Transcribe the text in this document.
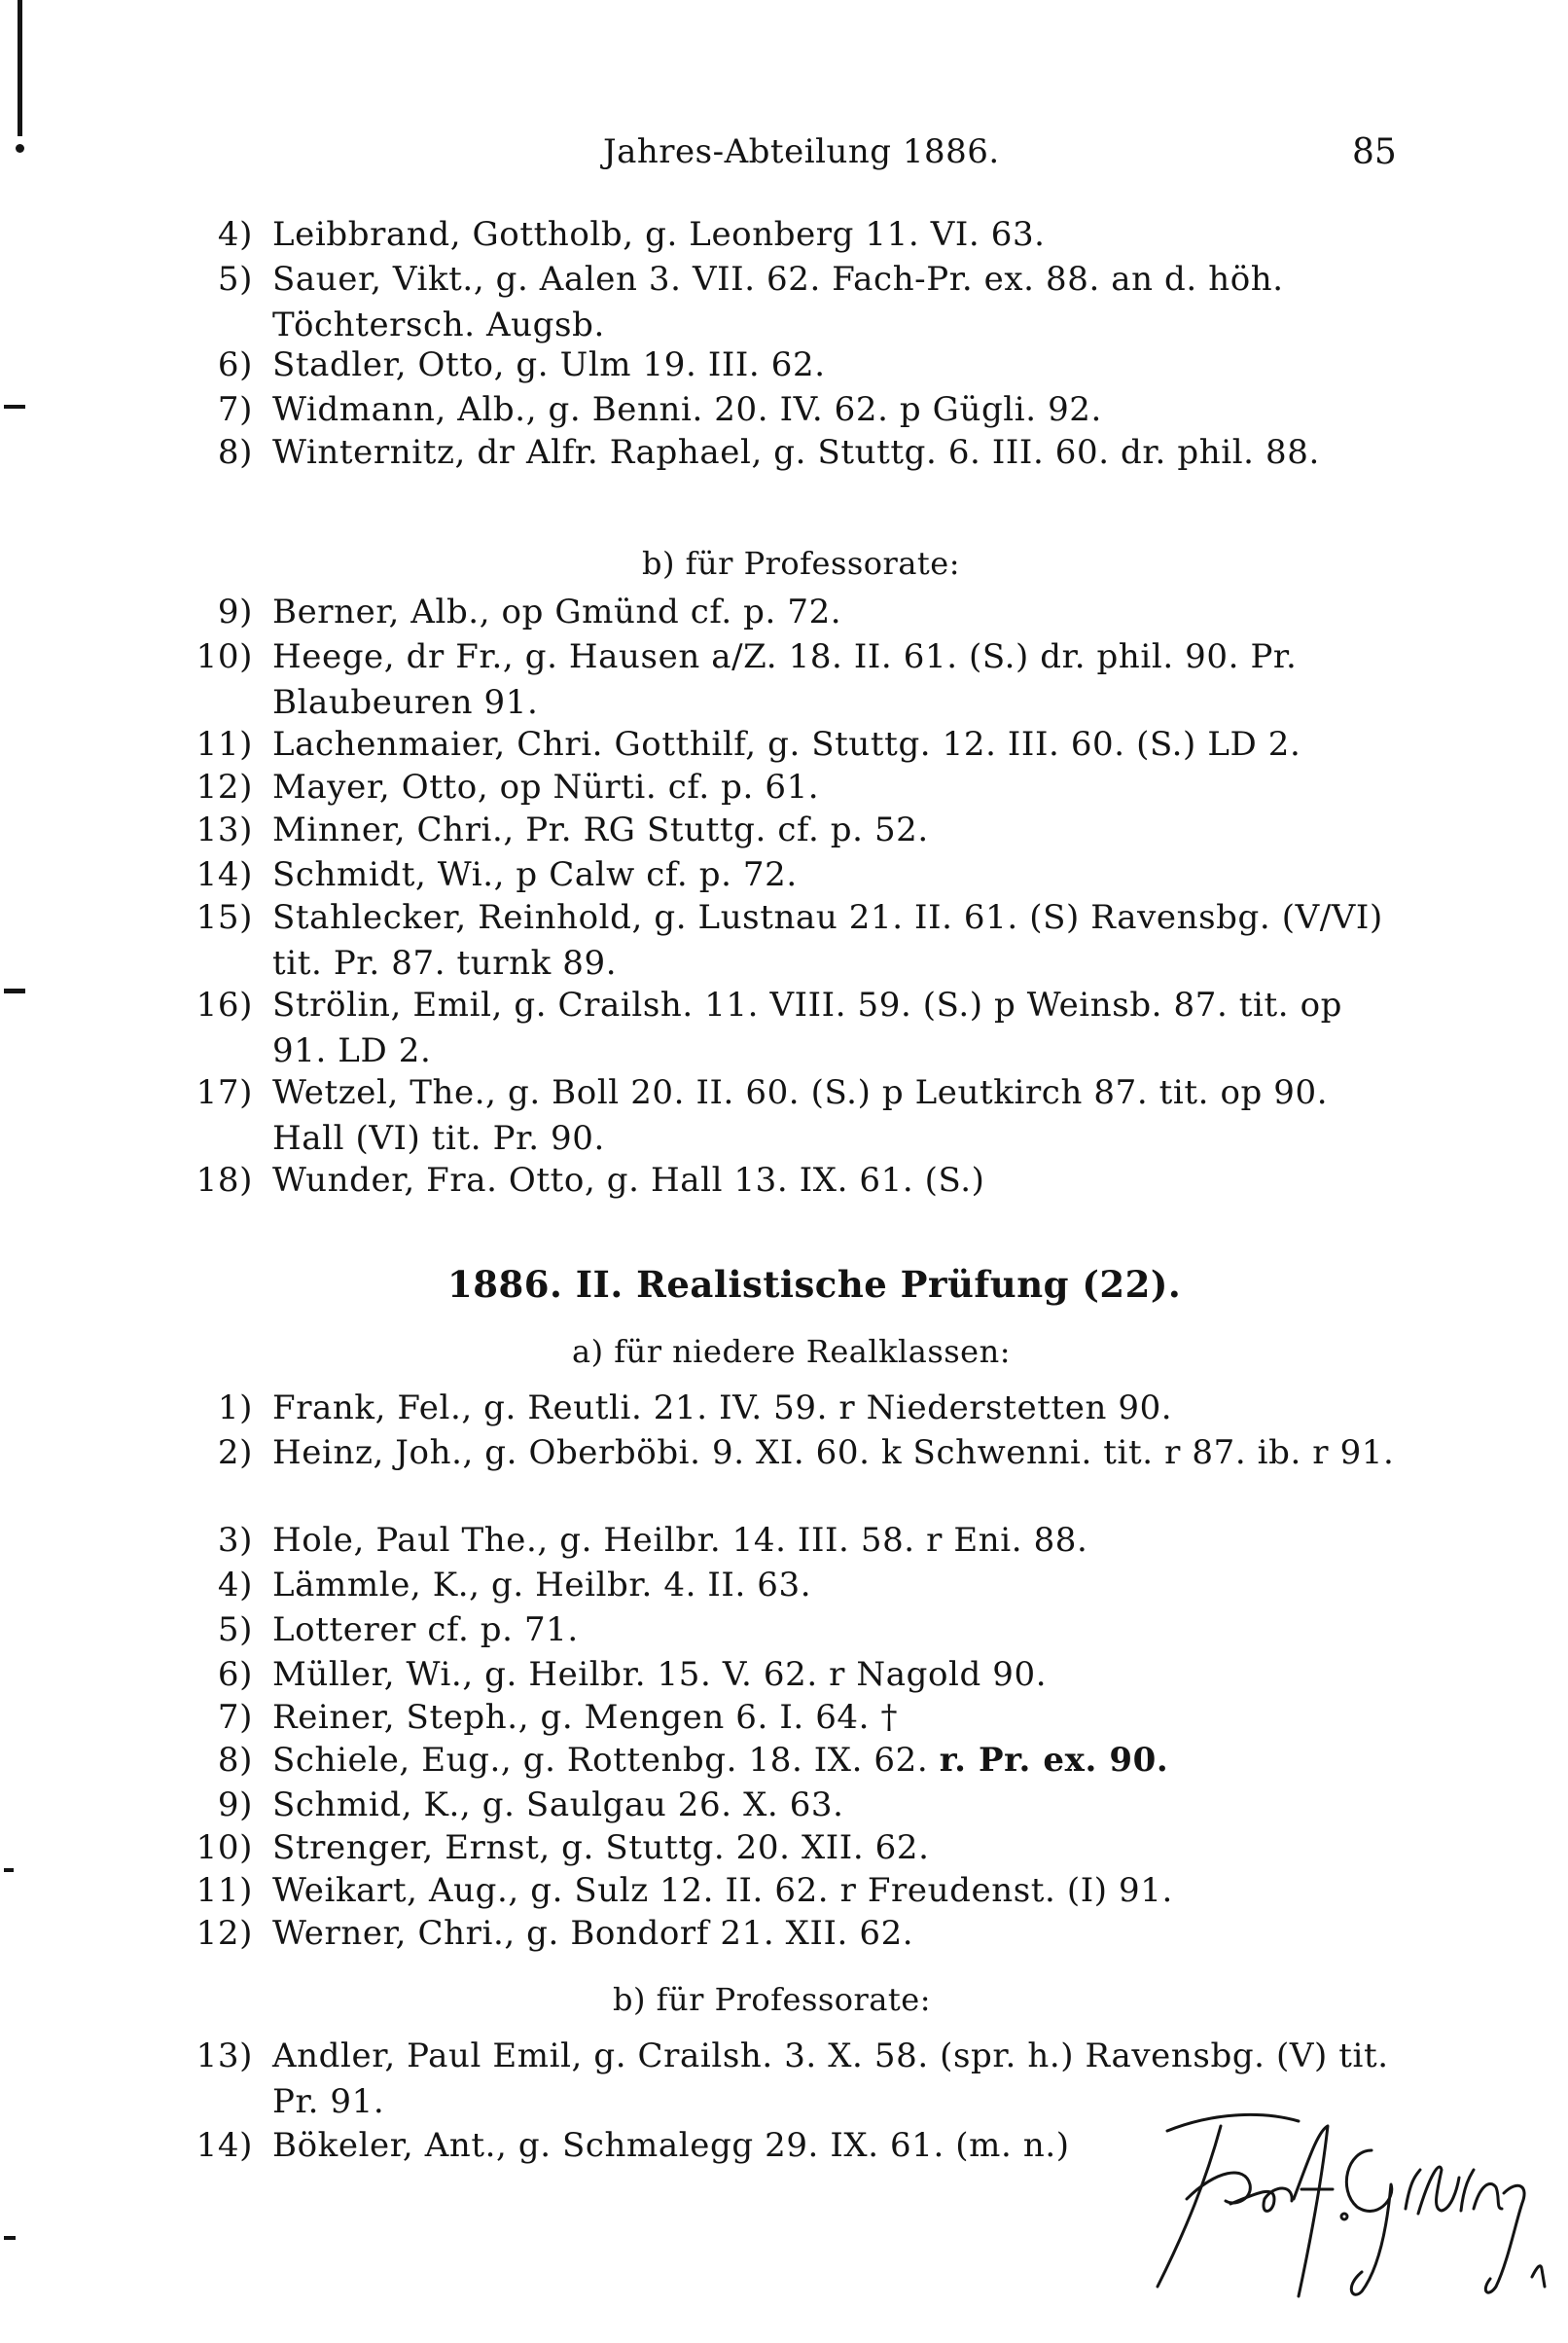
Jahres-Abteilung 1886.	85
4) Leibbrand, Gottholb, g. Leonberg 11. VI. 63.
5) Sauer, Vikt., g. Aalen 3. VII. 62. Fach-Pr. ex. 88. an d. höh. Töchtersch. Augsb.
6) Stadler, Otto, g. Ulm 19. III. 62.
7) Widmann, Alb., g. Benni. 20. IV. 62. p Gügli. 92.
8) Winternitz, dr Alfr. Raphael, g. Stuttg. 6. III. 60. dr. phil. 88.
b) für Professorate:
9) Berner, Alb., op Gmünd cf. p. 72.
10) Heege, dr Fr., g. Hausen a/Z. 18. II. 61. (S.) dr. phil. 90. Pr. Blaubeuren 91.
11) Lachenmaier, Chri. Gotthilf, g. Stuttg. 12. III. 60. (S.) LD 2.
12) Mayer, Otto, op Nürti. cf. p. 61.
13) Minner, Chri., Pr. RG Stuttg. cf. p. 52.
14) Schmidt, Wi., p Calw cf. p. 72.
15) Stahlecker, Reinhold, g. Lustnau 21. II. 61. (S) Ravensbg. (V/VI) tit. Pr. 87. turnk 89.
16) Strölin, Emil, g. Crailsh. 11. VIII. 59. (S.) p Weinsb. 87. tit. op 91. LD 2.
17) Wetzel, The., g. Boll 20. II. 60. (S.) p Leutkirch 87. tit. op 90. Hall (VI) tit. Pr. 90.
18) Wunder, Fra. Otto, g. Hall 13. IX. 61. (S.)
1886. II. Realistische Prüfung (22).
a) für niedere Realklassen:
1) Frank, Fel., g. Reutli. 21. IV. 59. r Niederstetten 90.
2) Heinz, Joh., g. Oberböbi. 9. XI. 60. k Schwenni. tit. r 87. ib. r 91.
3) Hole, Paul The., g. Heilbr. 14. III. 58. r Eni. 88.
4) Lämmle, K., g. Heilbr. 4. II. 63.
5) Lotterer cf. p. 71.
6) Müller, Wi., g. Heilbr. 15. V. 62. r Nagold 90.
7) Reiner, Steph., g. Mengen 6. I. 64. †
8) Schiele, Eug., g. Rottenbg. 18. IX. 62. r. Pr. ex. 90.
9) Schmid, K., g. Saulgau 26. X. 63.
10) Strenger, Ernst, g. Stuttg. 20. XII. 62.
11) Weikart, Aug., g. Sulz 12. II. 62. r Freudenst. (I) 91.
12) Werner, Chri., g. Bondorf 21. XII. 62.
b) für Professorate:
13) Andler, Paul Emil, g. Crailsh. 3. X. 58. (spr. h.) Ravensbg. (V) tit. Pr. 91.
14) Bökeler, Ant., g. Schmalegg 29. IX. 61. (m. n.)
